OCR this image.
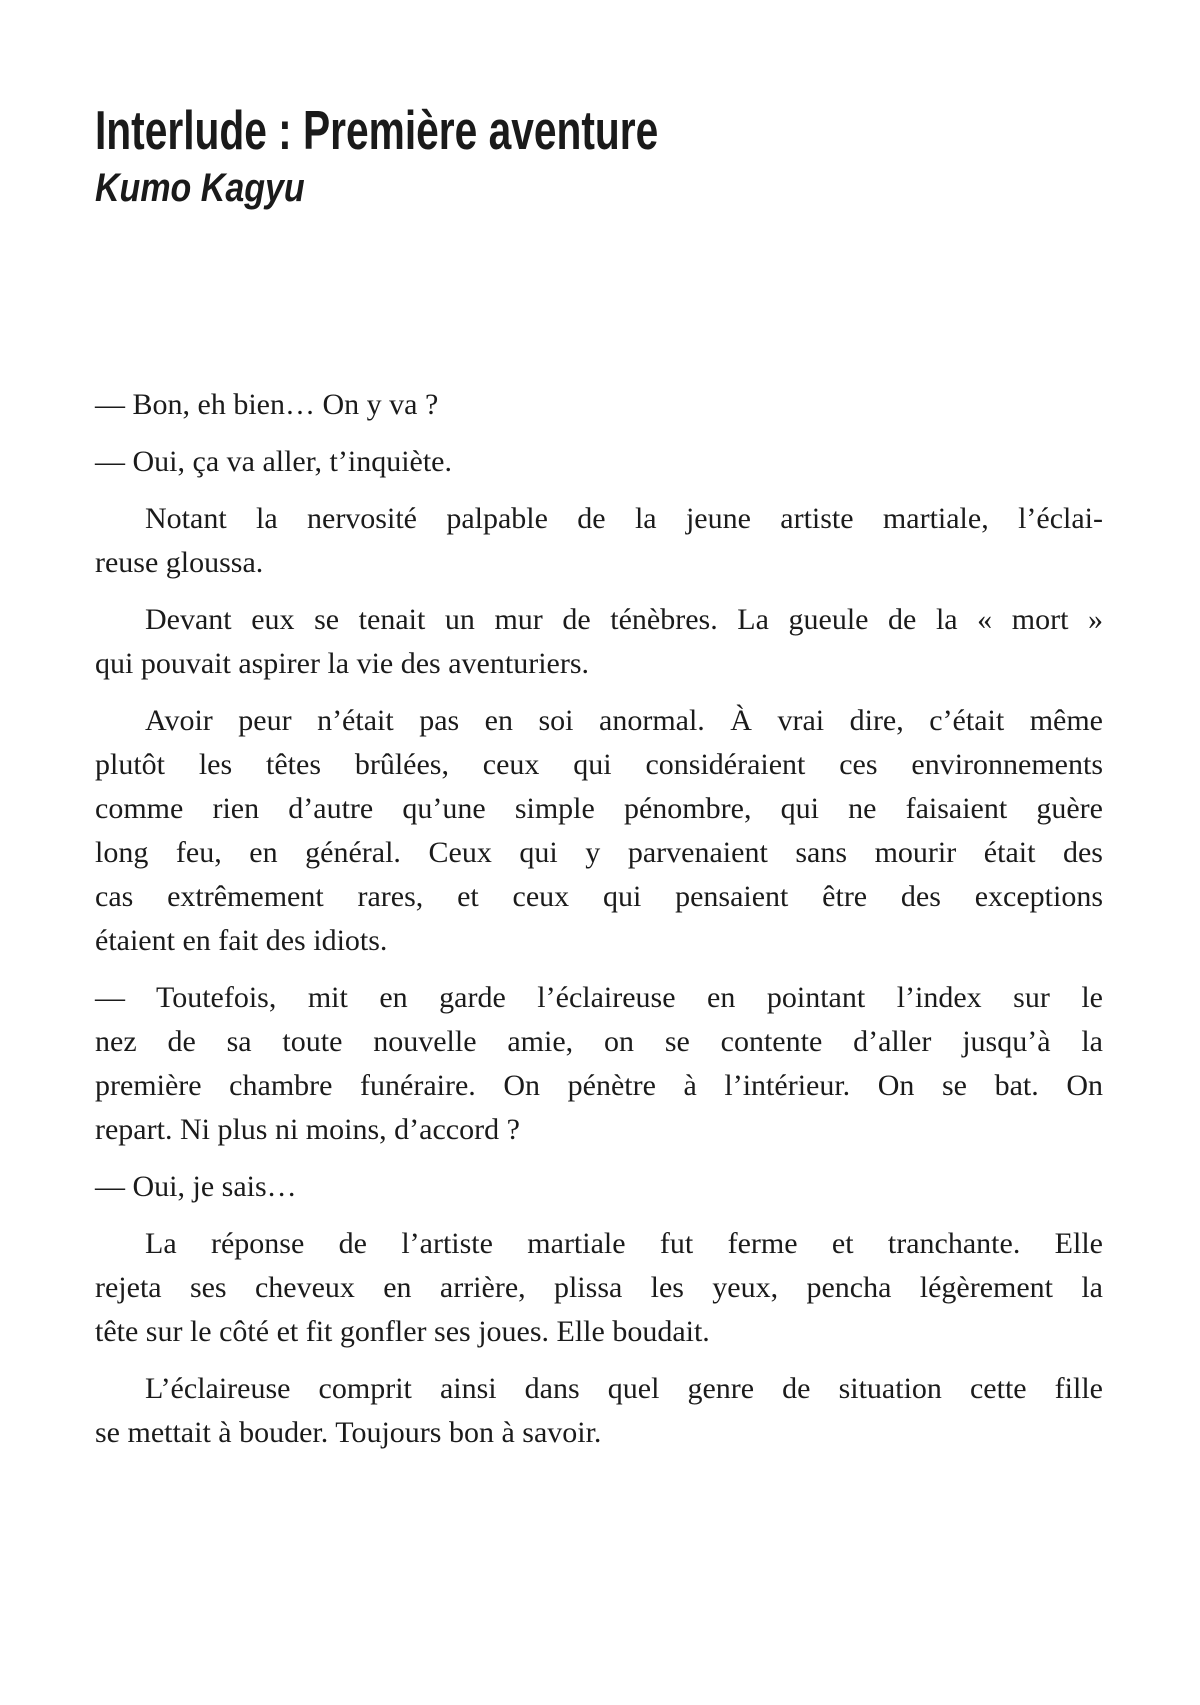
Interlude : Première aventure
Kumo Kagyu
— Bon, eh bien… On y va ?
— Oui, ça va aller, t’inquiète.
Notant la nervosité palpable de la jeune artiste martiale, l’éclai-
reuse gloussa.
Devant eux se tenait un mur de ténèbres. La gueule de la « mort »
qui pouvait aspirer la vie des aventuriers.
Avoir peur n’était pas en soi anormal. À vrai dire, c’était même
plutôt les têtes brûlées, ceux qui considéraient ces environnements
comme rien d’autre qu’une simple pénombre, qui ne faisaient guère
long feu, en général. Ceux qui y parvenaient sans mourir était des
cas extrêmement rares, et ceux qui pensaient être des exceptions
étaient en fait des idiots.
— Toutefois, mit en garde l’éclaireuse en pointant l’index sur le
nez de sa toute nouvelle amie, on se contente d’aller jusqu’à la
première chambre funéraire. On pénètre à l’intérieur. On se bat. On
repart. Ni plus ni moins, d’accord ?
— Oui, je sais…
La réponse de l’artiste martiale fut ferme et tranchante. Elle
rejeta ses cheveux en arrière, plissa les yeux, pencha légèrement la
tête sur le côté et fit gonfler ses joues. Elle boudait.
L’éclaireuse comprit ainsi dans quel genre de situation cette fille
se mettait à bouder. Toujours bon à savoir.
